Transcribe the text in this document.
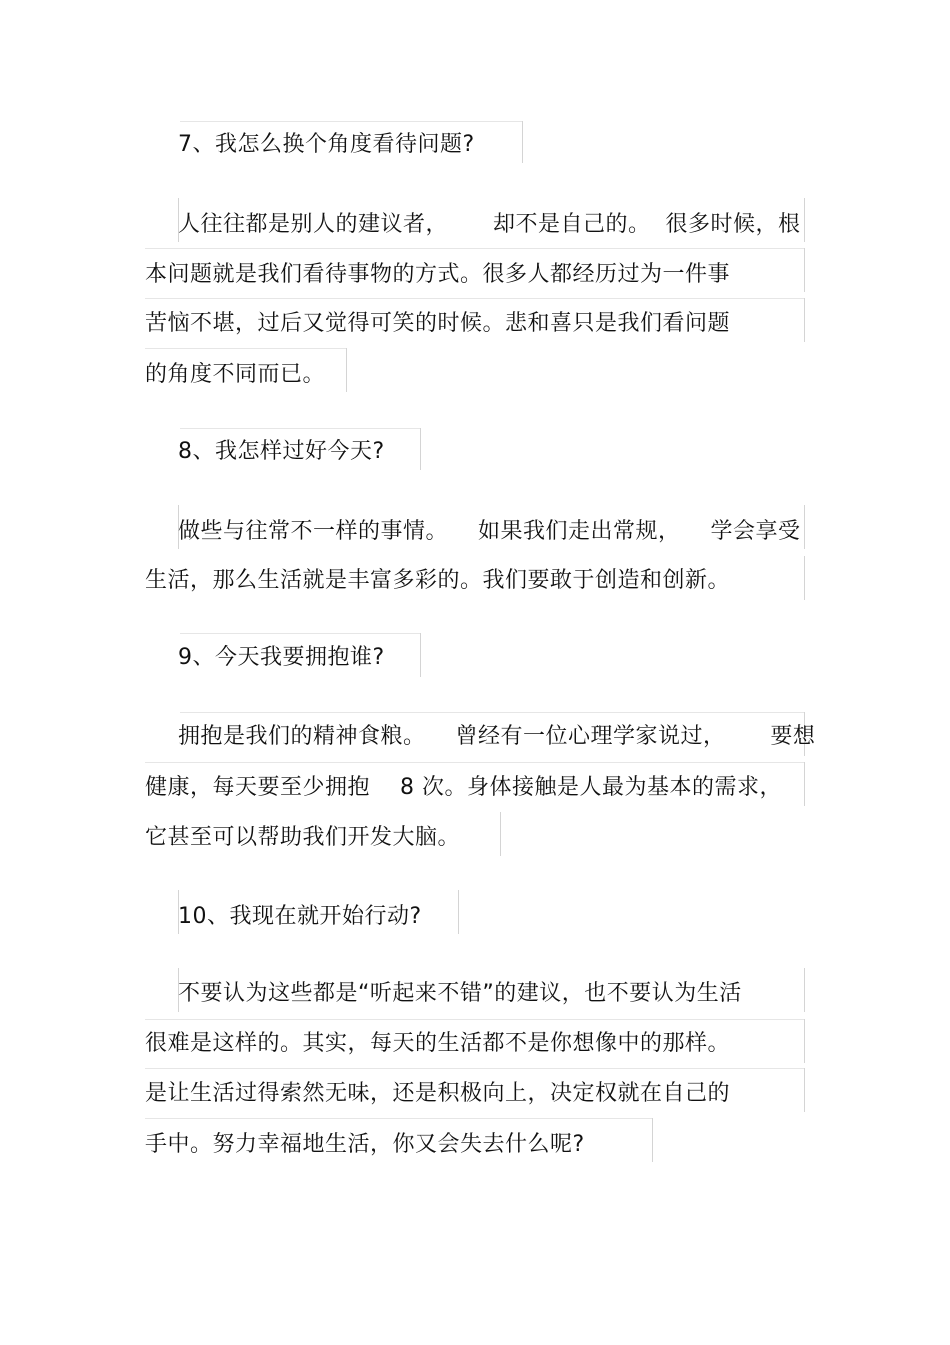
7、我怎么换个角度看待问题?
人往往都是别人的建议者，      却不是自己的。  很多时候，根
本问题就是我们看待事物的方式。很多人都经历过为一件事
苦恼不堪，过后又觉得可笑的时候。悲和喜只是我们看问题
的角度不同而已。
8、我怎样过好今天?
做些与往常不一样的事情。    如果我们走出常规，    学会享受
生活，那么生活就是丰富多彩的。我们要敢于创造和创新。
9、今天我要拥抱谁?
拥抱是我们的精神食粮。    曾经有一位心理学家说过，      要想
健康，每天要至少拥抱    8 次。身体接触是人最为基本的需求，
它甚至可以帮助我们开发大脑。
10、我现在就开始行动?
不要认为这些都是“听起来不错”的建议，也不要认为生活
很难是这样的。其实，每天的生活都不是你想像中的那样。
是让生活过得索然无味，还是积极向上，决定权就在自己的
手中。努力幸福地生活，你又会失去什么呢?
